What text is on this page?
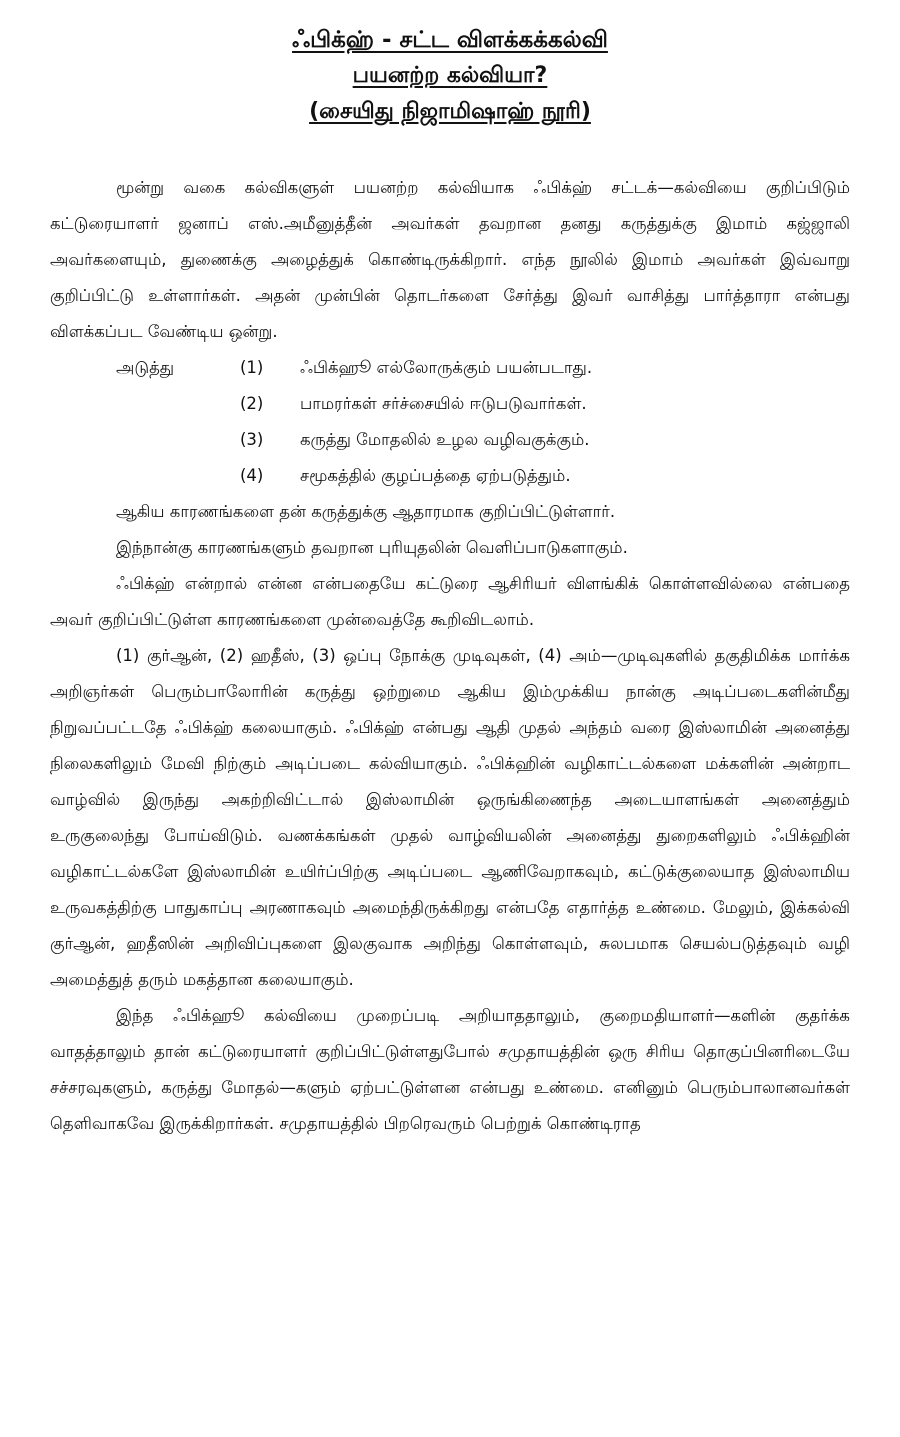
ஃபிக்ஹ் - சட்ட விளக்கக்கல்வி

பயனற்ற கல்வியா?

(சையிது நிஜாமிஷாஹ் நூரி)

மூன்று வகை கல்விகளுள் பயனற்ற கல்வியாக ஃபிக்ஹ் சட்டக்—கல்வியை குறிப்பிடும் கட்டுரையாளர் ஜனாப் எஸ்.அமீனுத்தீன் அவர்கள் தவறான தனது கருத்துக்கு இமாம் கஜ்ஜாலி அவர்களையும், துணைக்கு அழைத்துக் கொண்டிருக்கிறார். எந்த நூலில் இமாம் அவர்கள் இவ்வாறு குறிப்பிட்டு உள்ளார்கள். அதன் முன்பின் தொடர்களை சேர்த்து இவர் வாசித்து பார்த்தாரா என்பது விளக்கப்பட வேண்டிய ஒன்று.

அடுத்து	(1)	ஃபிக்ஹூ எல்லோருக்கும் பயன்படாது.
(2)	பாமரர்கள் சர்ச்சையில் ஈடுபடுவார்கள்.
(3)	கருத்து மோதலில் உழல வழிவகுக்கும்.
(4)	சமூகத்தில் குழப்பத்தை ஏற்படுத்தும்.

ஆகிய காரணங்களை தன் கருத்துக்கு ஆதாரமாக குறிப்பிட்டுள்ளார்.

இந்நான்கு காரணங்களும் தவறான புரியுதலின் வெளிப்பாடுகளாகும்.

ஃபிக்ஹ் என்றால் என்ன என்பதையே கட்டுரை ஆசிரியர் விளங்கிக் கொள்ளவில்லை என்பதை அவர் குறிப்பிட்டுள்ள காரணங்களை முன்வைத்தே கூறிவிடலாம்.

(1) குர்ஆன், (2) ஹதீஸ், (3) ஒப்பு நோக்கு முடிவுகள், (4) அம்—முடிவுகளில் தகுதிமிக்க மார்க்க அறிஞர்கள் பெரும்பாலோரின் கருத்து ஒற்றுமை ஆகிய இம்முக்கிய நான்கு அடிப்படைகளின்மீது நிறுவப்பட்டதே ஃபிக்ஹ் கலையாகும். ஃபிக்ஹ் என்பது ஆதி முதல் அந்தம் வரை இஸ்லாமின் அனைத்து நிலைகளிலும் மேவி நிற்கும் அடிப்படை கல்வியாகும். ஃபிக்ஹின் வழிகாட்டல்களை மக்களின் அன்றாட வாழ்வில் இருந்து அகற்றிவிட்டால் இஸ்லாமின் ஒருங்கிணைந்த அடையாளங்கள் அனைத்தும் உருகுலைந்து போய்விடும். வணக்கங்கள் முதல் வாழ்வியலின் அனைத்து துறைகளிலும் ஃபிக்ஹின் வழிகாட்டல்களே இஸ்லாமின் உயிர்ப்பிற்கு அடிப்படை ஆணிவேறாகவும், கட்டுக்குலையாத இஸ்லாமிய உருவகத்திற்கு பாதுகாப்பு அரணாகவும் அமைந்திருக்கிறது என்பதே எதார்த்த உண்மை. மேலும், இக்கல்வி குர்ஆன், ஹதீஸின் அறிவிப்புகளை இலகுவாக அறிந்து கொள்ளவும், சுலபமாக செயல்படுத்தவும் வழி அமைத்துத் தரும் மகத்தான கலையாகும்.

இந்த ஃபிக்ஹூ கல்வியை முறைப்படி அறியாததாலும், குறைமதியாளர்—களின் குதர்க்க வாதத்தாலும் தான் கட்டுரையாளர் குறிப்பிட்டுள்ளதுபோல் சமுதாயத்தின் ஒரு சிரிய தொகுப்பினரிடையே சச்சரவுகளும், கருத்து மோதல்—களும் ஏற்பட்டுள்ளன என்பது உண்மை. எனினும் பெரும்பாலானவர்கள் தெளிவாகவே இருக்கிறார்கள். சமுதாயத்தில் பிறரெவரும் பெற்றுக் கொண்டிராத
